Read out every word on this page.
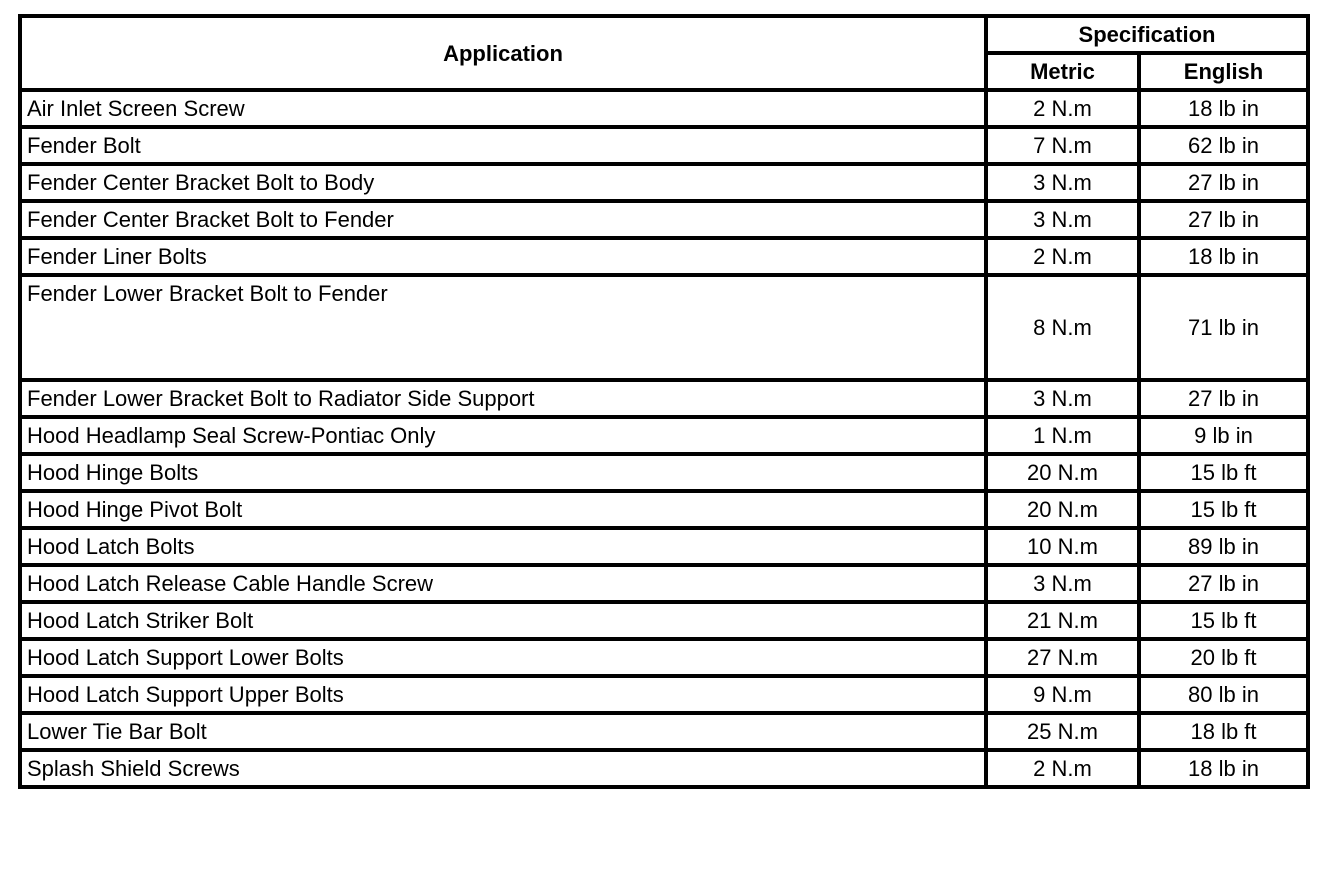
Application	Specification	
	Metric	English
Air Inlet Screen Screw	2 N.m	18 lb in
Fender Bolt	7 N.m	62 lb in
Fender Center Bracket Bolt to Body	3 N.m	27 lb in
Fender Center Bracket Bolt to Fender	3 N.m	27 lb in
Fender Liner Bolts	2 N.m	18 lb in
Fender Lower Bracket Bolt to Fender	8 N.m	71 lb in
Fender Lower Bracket Bolt to Radiator Side Support	3 N.m	27 lb in
Hood Headlamp Seal Screw-Pontiac Only	1 N.m	9 lb in
Hood Hinge Bolts	20 N.m	15 lb ft
Hood Hinge Pivot Bolt	20 N.m	15 lb ft
Hood Latch Bolts	10 N.m	89 lb in
Hood Latch Release Cable Handle Screw	3 N.m	27 lb in
Hood Latch Striker Bolt	21 N.m	15 lb ft
Hood Latch Support Lower Bolts	27 N.m	20 lb ft
Hood Latch Support Upper Bolts	9 N.m	80 lb in
Lower Tie Bar Bolt	25 N.m	18 lb ft
Splash Shield Screws	2 N.m	18 lb in
